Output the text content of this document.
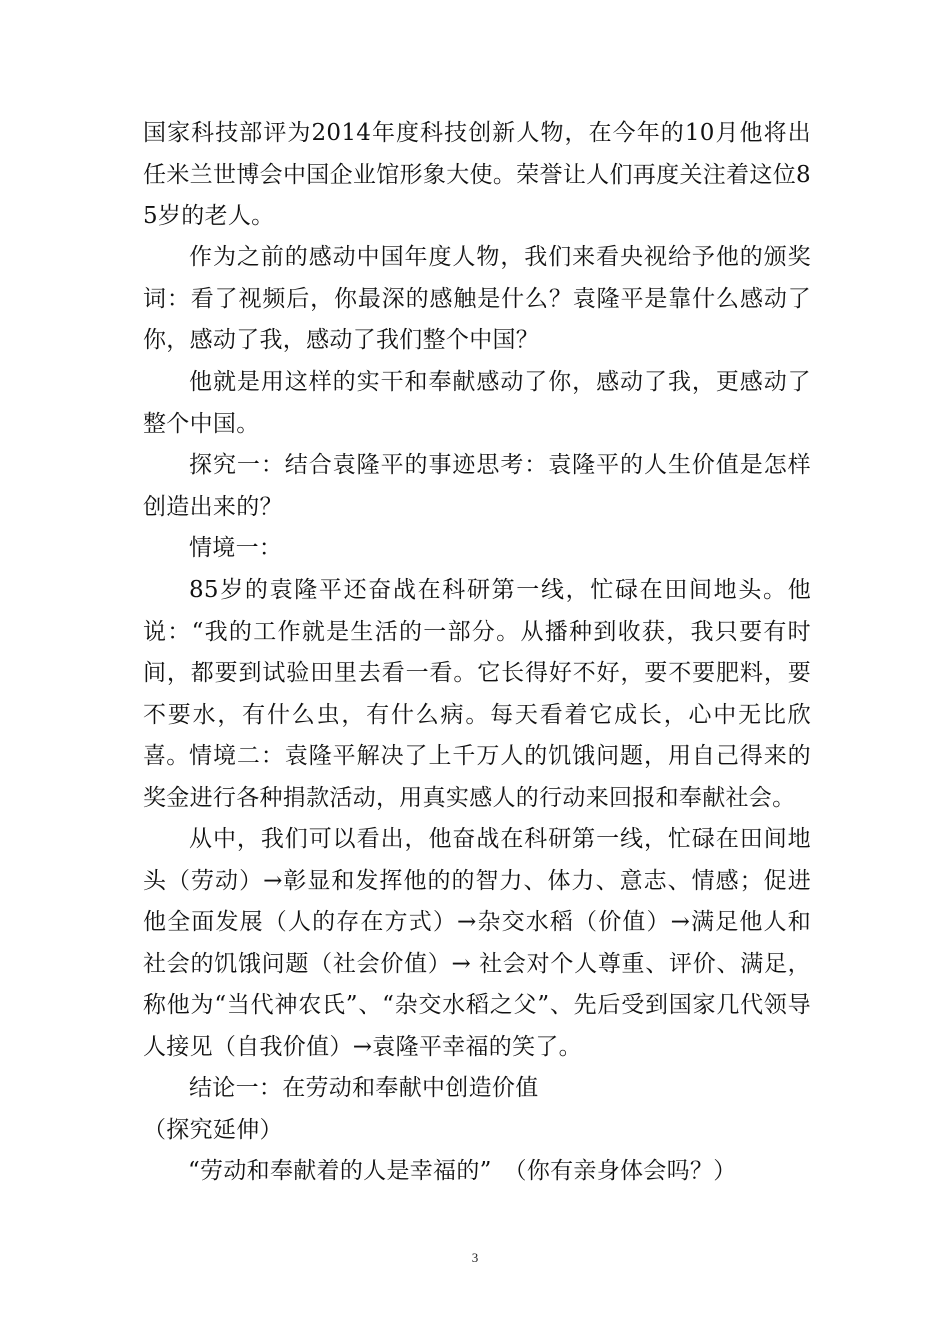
国家科技部评为2014年度科技创新人物，在今年的10月他将出任米兰世博会中国企业馆形象大使。荣誉让人们再度关注着这位85岁的老人。

作为之前的感动中国年度人物，我们来看央视给予他的颁奖词：看了视频后，你最深的感触是什么？袁隆平是靠什么感动了你，感动了我，感动了我们整个中国？

他就是用这样的实干和奉献感动了你，感动了我，更感动了整个中国。

探究一：结合袁隆平的事迹思考：袁隆平的人生价值是怎样创造出来的？

情境一：

85岁的袁隆平还奋战在科研第一线，忙碌在田间地头。他说：“我的工作就是生活的一部分。从播种到收获，我只要有时间，都要到试验田里去看一看。它长得好不好，要不要肥料，要不要水，有什么虫，有什么病。每天看着它成长，心中无比欣喜。 情境二：袁隆平解决了上千万人的饥饿问题，用自己得来的奖金进行各种捐款活动，用真实感人的行动来回报和奉献社会。

从中，我们可以看出，他奋战在科研第一线，忙碌在田间地头（劳动）→彰显和发挥他的的智力、体力、意志、情感；促进他全面发展（人的存在方式）→杂交水稻（价值）→满足他人和社会的饥饿问题（社会价值）→ 社会对个人尊重、评价、满足，称他为“当代神农氏”、“杂交水稻之父”、先后受到国家几代领导人接见（自我价值）→袁隆平幸福的笑了。

结论一：在劳动和奉献中创造价值

（探究延伸）

“劳动和奉献着的人是幸福的”　（你有亲身体会吗？）

3
